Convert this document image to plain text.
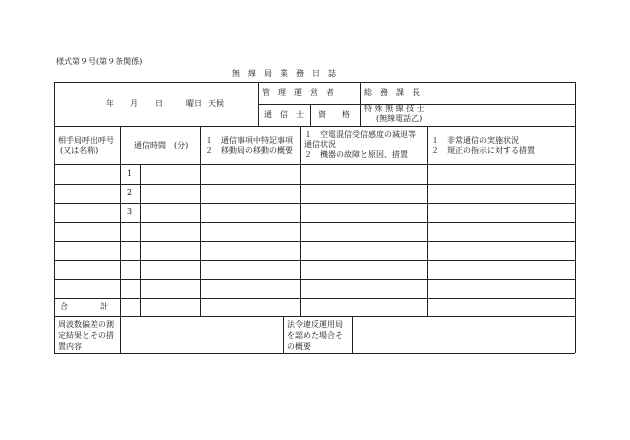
様式第９号(第９条関係)
無　線　局　業　務　日　誌
年 月 日	曜日 天候
管　理　運　営　者	総　務　課　長
通　信　士 資　　格
特 殊 無 線 技 士
(無線電話乙)
相手局呼出呼号
(又は名称)
通信時間　(分)
１　通信事項中特記事項
２　移動局の移動の概要
１　空電混信受信感度の減退等
通信状況
２　機器の故障と原因、措置
１　非常通信の実施状況
２　規正の指示に対する措置
1
2
3
合　　　　計
周波数偏差の測
定結果とその措
置内容
法令違反運用局
を認めた場合そ
の概要
